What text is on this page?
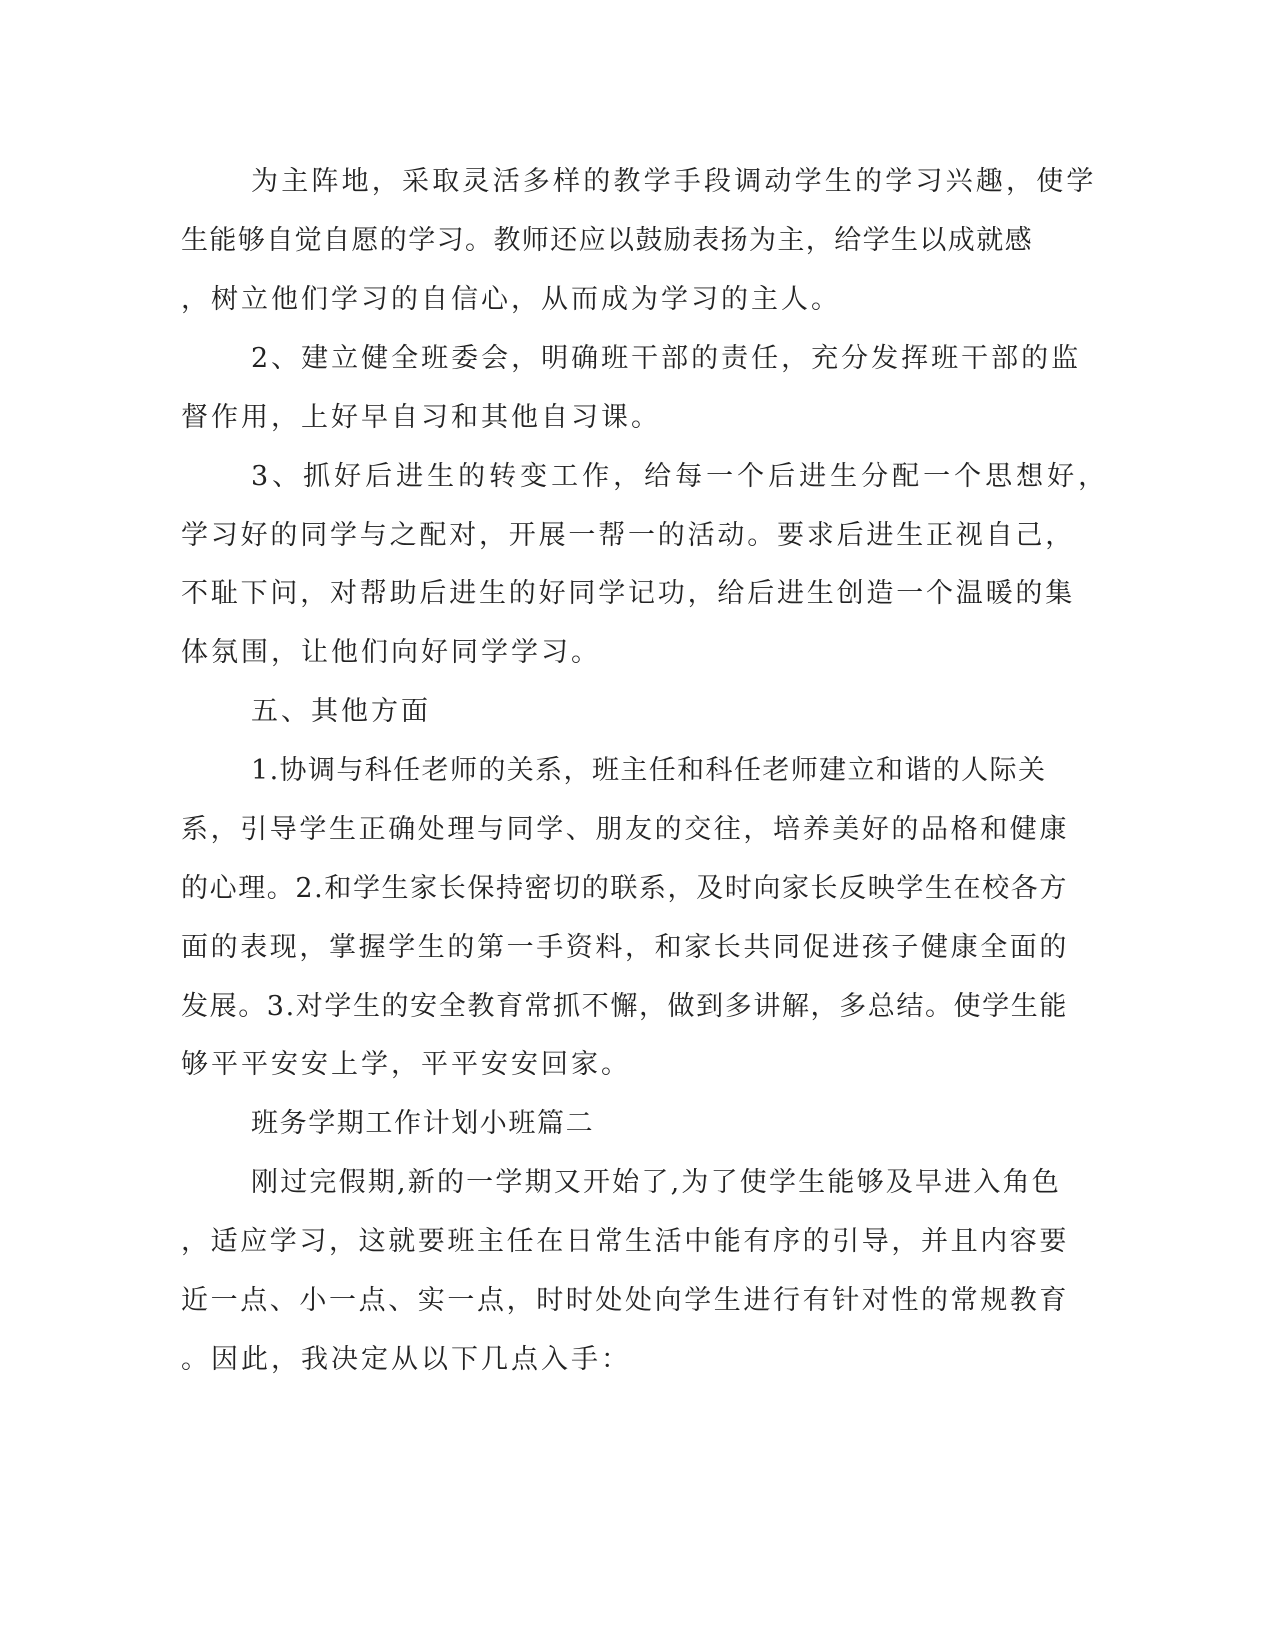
为主阵地，采取灵活多样的教学手段调动学生的学习兴趣，使学
生能够自觉自愿的学习。教师还应以鼓励表扬为主，给学生以成就感
，树立他们学习的自信心，从而成为学习的主人。
2、建立健全班委会，明确班干部的责任，充分发挥班干部的监
督作用，上好早自习和其他自习课。
3、抓好后进生的转变工作，给每一个后进生分配一个思想好，
学习好的同学与之配对，开展一帮一的活动。要求后进生正视自己，
不耻下问，对帮助后进生的好同学记功，给后进生创造一个温暖的集
体氛围，让他们向好同学学习。
五、其他方面
1.协调与科任老师的关系，班主任和科任老师建立和谐的人际关
系，引导学生正确处理与同学、朋友的交往，培养美好的品格和健康
的心理。2.和学生家长保持密切的联系，及时向家长反映学生在校各方
面的表现，掌握学生的第一手资料，和家长共同促进孩子健康全面的
发展。3.对学生的安全教育常抓不懈，做到多讲解，多总结。使学生能
够平平安安上学，平平安安回家。
班务学期工作计划小班篇二
刚过完假期,新的一学期又开始了,为了使学生能够及早进入角色
，适应学习，这就要班主任在日常生活中能有序的引导，并且内容要
近一点、小一点、实一点，时时处处向学生进行有针对性的常规教育
。因此，我决定从以下几点入手：
